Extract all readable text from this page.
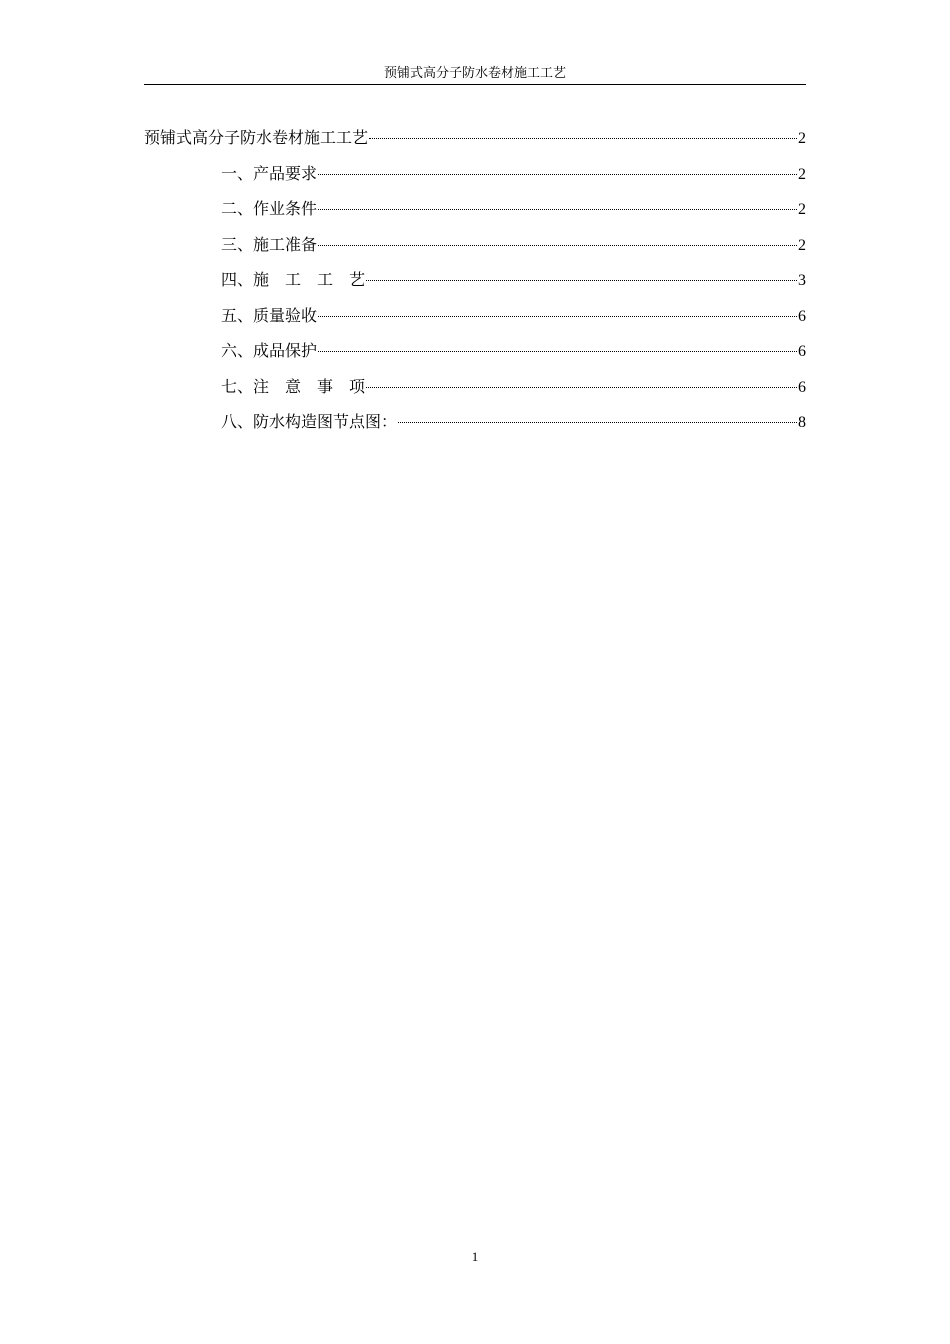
预铺式高分子防水卷材施工工艺
预铺式高分子防水卷材施工工艺	2
一、产品要求	2
二、作业条件	2
三、施工准备	2
四、施　工　工　艺	3
五、质量验收	6
六、成品保护	6
七、注　意　事　项	6
八、防水构造图节点图：	8
1
